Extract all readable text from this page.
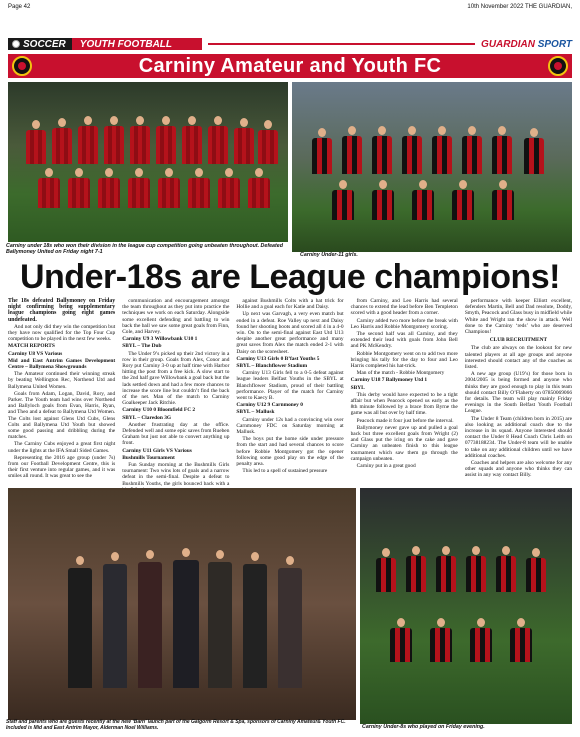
Page 42	10th November 2022 THE GUARDIAN,
SOCCER	YOUTH FOOTBALL	GUARDIAN SPORT
Carniny Amateur and Youth FC
Carniny under 18s who won their division in the league cup competition going unbeaten throughout. Defeated Ballymoney United on Friday night 7-1	Carniny Under-11 girls.
Under-18s are League champions!

The 18s defeated Ballymoney on Friday night confirming being supplementary league champions going eight games undefeated.

And not only did they win the competition but they have now qualified for the Top Four Cup competition to be played in the next few weeks.

MATCH REPORTS

Carniny U8 VS Various

Mid and East Antrim Games Development Centre – Ballymena Showgrounds

The Amateur continued their winning streak by beating Wellington Rec, Northend Utd and Ballymena United Women.

Goals from Adam, Logan, David, Rory, and Parker. The Youth team had wins over Northend and Ballyloch goals from Evan, Harris, Ryan, and Theo and a defeat to Ballymena Utd Women. The Colts lost against Glens Utd Cubs, Glens Colts and Ballymena Utd Youth but showed some good passing and dribbling during the matches.

The Carniny Cubs enjoyed a great first night under the lights at the IFA Small Sided Games.

Representing the 2016 age group (under 7s) from our Football Development Centre, this is their first venture into regular games, and it was smiles all round. It was great to see the

communication and encouragement amongst the team throughout as they put into practice the techniques we work on each Saturday. Alongside some excellent defending and battling to win back the ball we saw some great goals from Finn, Cole, and Harvey.

Carniny U9 3 Willowbank U10 1

SBYL – The Dub

The Under 9’s picked up their 2nd victory in a row in their group. Goals from Alex, Conor and Rory put Carniny 3-0 up at half time with Harbor hitting the post from a free kick. A slow start to the 2nd half gave Willowbank a goal back but the lads settled down and had a few more chances to increase the score line but couldn’t find the back of the net. Man of the match to Carniny Goalkeeper Jack Ritchie.

Carniny U10 0 Bloomfield FC 2

SBYL – Claredon 3G

Another frustrating day at the office. Defended well and some epic saves from Rueben Graham but just not able to convert anything up front.

Carniny U11 Girls VS Various

Bushmills Tournament

Fun Sunday morning at the Bushmills Girls tournament: Two wins lots of goals and a narrow defeat in the semi-final. Despite a defeat to Bushmills Youths, the girls bounced back with a

against Bushmills Colts with a hat trick for Hollie and a goal each for Katie and Daisy.

Up next was Garvagh, a very even match but ended in a defeat. Roe Valley up next and Daisy found her shooting boots and scored all 4 in a 4-0 win. On to the semi-final against East Utd U13 despite another great performance and many great saves from Alex the match ended 2-1 with Daisy on the scoresheet.

Carniny U13 Girls 0 B’fast Youths 5

SBYL – Blanchflower Stadium

Carniny U13 Girls fell to a 0-5 defeat against league leaders Belfast Youths in the SBYL at Blanchflower Stadium, proud of their battling performance. Player of the match for Carniny went to Kaecy B.

Carniny U12 9 Carnmoney 0

SBYL – Mallusk

Carniny under 12s had a convincing win over Carnmoney FDC on Saturday morning at Mallusk.

The boys put the home side under pressure from the start and had several chances to score before Robbie Montgomery got the opener following some good play on the edge of the penalty area.

This led to a spell of sustained pressure

from Carniny, and Leo Harris had several chances to extend the lead before Ben Templeton scored with a good header from a corner.

Carniny added two more before the break with Leo Harris and Robbie Montgomery scoring.

The second half was all Carniny, and they extended their lead with goals from John Bell and PK McKendry.

Robbie Montgomery went on to add two more bringing his tally for the day to four and Leo Harris completed his hat-trick.

Man of the match - Robbie Montgomery

Carniny U18 7 Ballymoney Utd 1

SBYL

This derby would have expected to be a tight affair but when Peacock opened us early as the 8th minute followed by a brace from Byrne the game was all but over by half time.

Peacock made it four just before the interval.

Ballymoney never gave up and pulled a goal back but three excellent goals from Wright (2) and Glass put the icing on the cake and gave Carniny an unbeaten finish to this league tournament which saw them go through the campaign unbeaten.

Carniny put in a great good

performance with keeper Elliott excellent, defenders Martin, Bell and Dad resolute, Doddy, Smyth, Peacock and Glass busy in midfield while White and Wright ran the show in attack. Well done to the Carniny ‘reds’ who are deserved Champions!

CLUB RECRUITMENT

The club are always on the lookout for new talented players at all age groups and anyone interested should contact any of the coaches as listed.

A new age group (U19’s) for those born in 2004/2005 is being formed and anyone who thinks they are good enough to play in this team should contact Billy O’Flaherty on 07850069066 for details. The team will play mainly Friday evenings in the South Belfast Youth Football League.

The Under 8 Team (children born in 2015) are also looking as additional coach due to the increase in its squad. Anyone interested should contact the Under 8 Head Coach Chris Leith on 07738188234. The Under-8 team will be unable to take on any additional children until we have additional coaches.

Coaches and helpers are also welcome for any other squads and anyone who thinks they can assist in any way contact Billy.

Staff and parents who are guests recently at the new ‘Barn’ launch part of the Galgorm Resort & Spa, sponsors of Carniny Amateur& Youth FC. Included is Mid and East Antrim Mayor, Alderman Noel Williams.	Carniny Under-8s who played on Friday evening.
